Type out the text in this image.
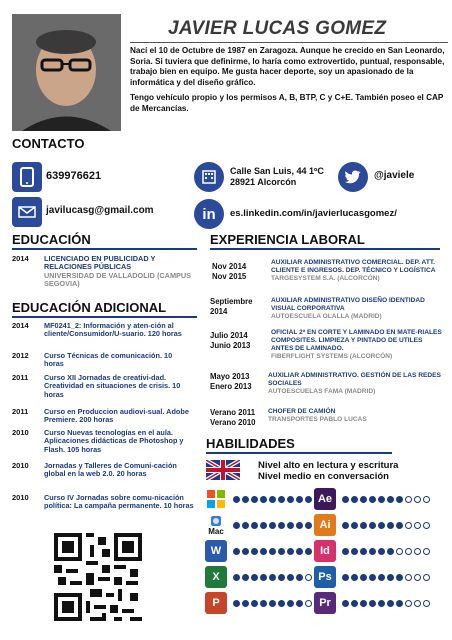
JAVIER LUCAS GOMEZ

Nací el 10 de Octubre de 1987 en Zaragoza. Aunque he crecido en San Leonardo, Soria. Si tuviera que definirme, lo haría como extrovertido, puntual, responsable, trabajo bien en equipo. Me gusta hacer deporte, soy un apasionado de la informática y del diseño gráfico.

Tengo vehículo propio y los permisos A, B, BTP, C y C+E. También poseo el CAP de Mercancías.

CONTACTO
639976621	Calle San Luis, 44 1ºC
28921 Alcorcón
@javiele
javilucasg@gmail.com	in es.linkedin.com/in/javierlucasgomez/
EDUCACIÓN
2014 LICENCIADO EN PUBLICIDAD Y RELACIONES PÚBLICAS
UNIVERSIDAD DE VALLADOLID (CAMPUS SEGOVIA)
EDUCACIÓN ADICIONAL
2014 MF0241_2: Información y aten-ción al cliente/Consumidor/U-suario. 120 horas
2012 Curso Técnicas de comunicación. 10 horas
2011 Curso XII Jornadas de creativi-dad. Creatividad en situaciones de crisis. 10 horas
2011 Curso en Produccion audiovi-sual. Adobe Premiere. 200 horas
2010 Curso Nuevas tecnologías en el aula. Aplicaciones didácticas de Photoshop y Flash. 105 horas
2010 Jornadas y Talleres de Comuni-cación global en la web 2.0. 20 horas
2010 Curso IV Jornadas sobre comu-nicación política: La campaña permanente. 10 horas
EXPERIENCIA LABORAL
Nov 2014
Nov 2015
AUXILIAR ADMINISTRATIVO COMERCIAL. DEP. ATT. CLIENTE E INGRESOS. DEP. TÉCNICO Y LOGÍSTICA
TARGESYSTEM S.A. (ALCORCÓN)
Septiembre
2014
AUXILIAR ADMINISTRATIVO DISEÑO IDENTIDAD VISUAL CORPORATIVA
AUTOESCUELA OLALLA (MADRID)
Julio 2014
Junio 2013
OFICIAL 2ª EN CORTE Y LAMINADO EN MATE-RIALES COMPOSITES. LIMPIEZA Y PINTADO DE UTILES ANTES DE LAMINADO.
FIBERFLIGHT SYSTEMS (ALCORCÓN)
Mayo 2013
Enero 2013
AUXILIAR ADMINISTRATIVO. GESTIÓN DE LAS REDES SOCIALES
AUTOESCUELAS FAMA (MADRID)
Verano 2011
Verano 2010
CHOFER DE CAMIÓN
TRANSPORTES PABLO LUCAS
HABILIDADES
Nivel alto en lectura y escritura
Nivel medio en conversación
Mac
W
X
P
Ae
Ai
Id
Ps
Pr
